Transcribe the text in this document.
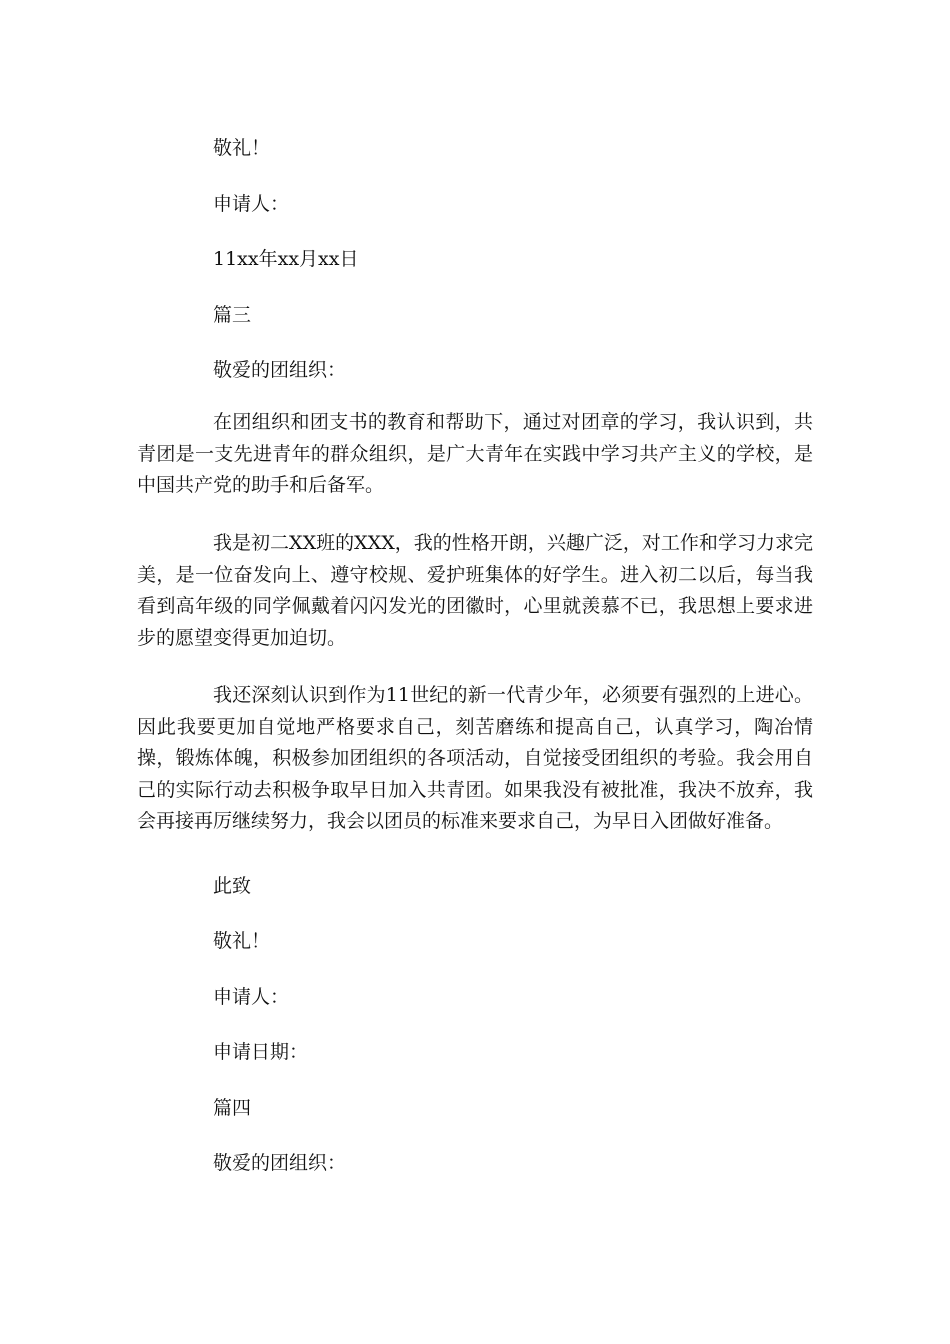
敬礼！
申请人：
11xx年xx月xx日
篇三
敬爱的团组织：

在团组织和团支书的教育和帮助下，通过对团章的学习，我认识到，共青团是一支先进青年的群众组织，是广大青年在实践中学习共产主义的学校，是中国共产党的助手和后备军。

我是初二XX班的XXX，我的性格开朗，兴趣广泛，对工作和学习力求完美，是一位奋发向上、遵守校规、爱护班集体的好学生。进入初二以后，每当我看到高年级的同学佩戴着闪闪发光的团徽时，心里就羡慕不已，我思想上要求进步的愿望变得更加迫切。

我还深刻认识到作为11世纪的新一代青少年，必须要有强烈的上进心。因此我要更加自觉地严格要求自己，刻苦磨练和提高自己，认真学习，陶冶情操，锻炼体魄，积极参加团组织的各项活动，自觉接受团组织的考验。我会用自己的实际行动去积极争取早日加入共青团。如果我没有被批准，我决不放弃，我会再接再厉继续努力，我会以团员的标准来要求自己，为早日入团做好准备。

此致
敬礼！
申请人：
申请日期：
篇四
敬爱的团组织：
